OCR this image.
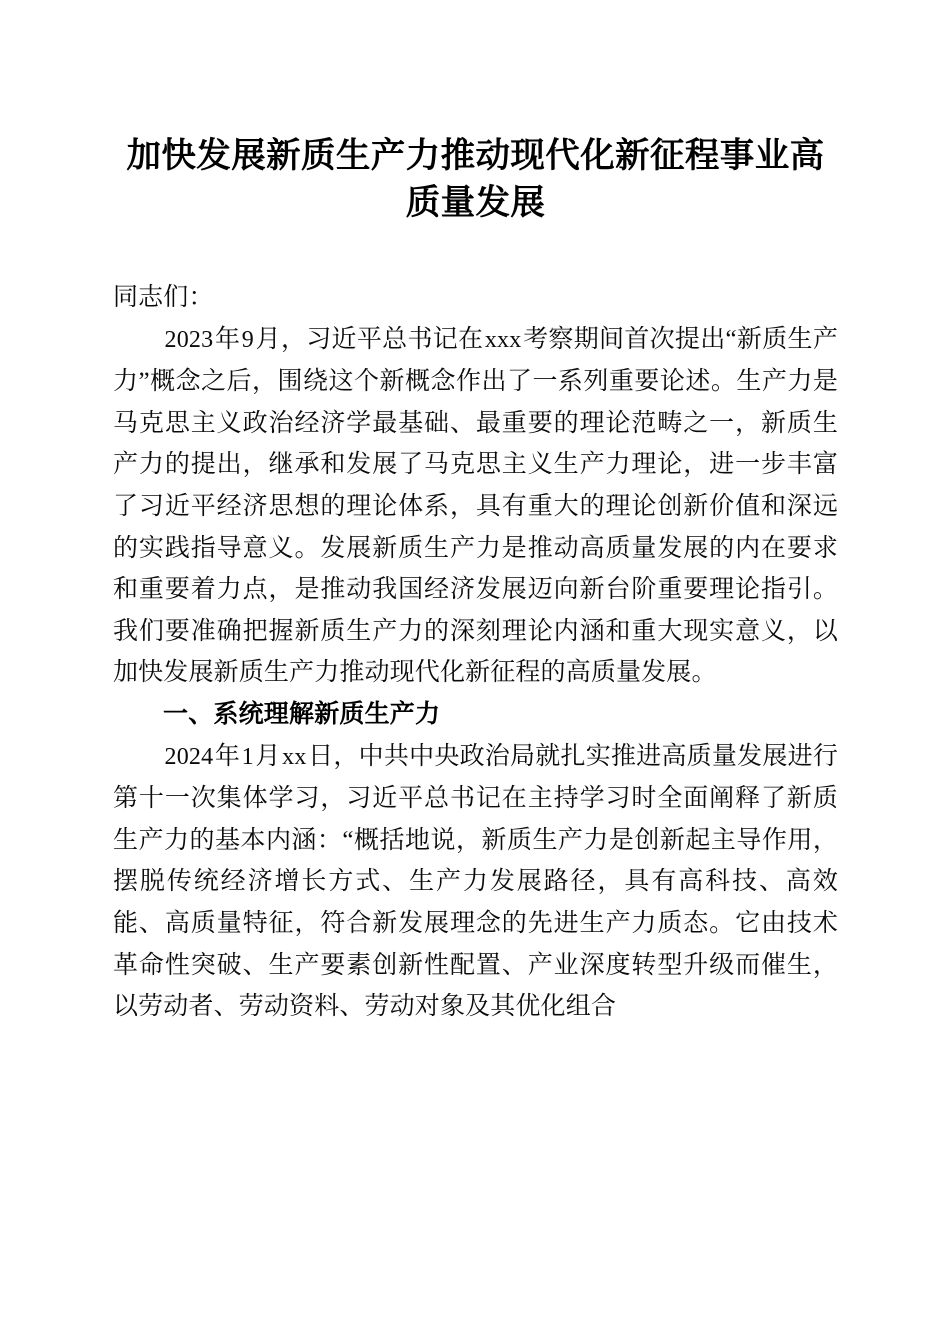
加快发展新质生产力推动现代化新征程事业高质量发展

同志们：

2023年9月，习近平总书记在xxx考察期间首次提出“新质生产力”概念之后，围绕这个新概念作出了一系列重要论述。生产力是马克思主义政治经济学最基础、最重要的理论范畴之一，新质生产力的提出，继承和发展了马克思主义生产力理论，进一步丰富了习近平经济思想的理论体系，具有重大的理论创新价值和深远的实践指导意义。发展新质生产力是推动高质量发展的内在要求和重要着力点，是推动我国经济发展迈向新台阶重要理论指引。我们要准确把握新质生产力的深刻理论内涵和重大现实意义，以加快发展新质生产力推动现代化新征程的高质量发展。

一、系统理解新质生产力

2024年1月xx日，中共中央政治局就扎实推进高质量发展进行第十一次集体学习，习近平总书记在主持学习时全面阐释了新质生产力的基本内涵：“概括地说，新质生产力是创新起主导作用，摆脱传统经济增长方式、生产力发展路径，具有高科技、高效能、高质量特征，符合新发展理念的先进生产力质态。它由技术革命性突破、生产要素创新性配置、产业深度转型升级而催生，以劳动者、劳动资料、劳动对象及其优化组合
